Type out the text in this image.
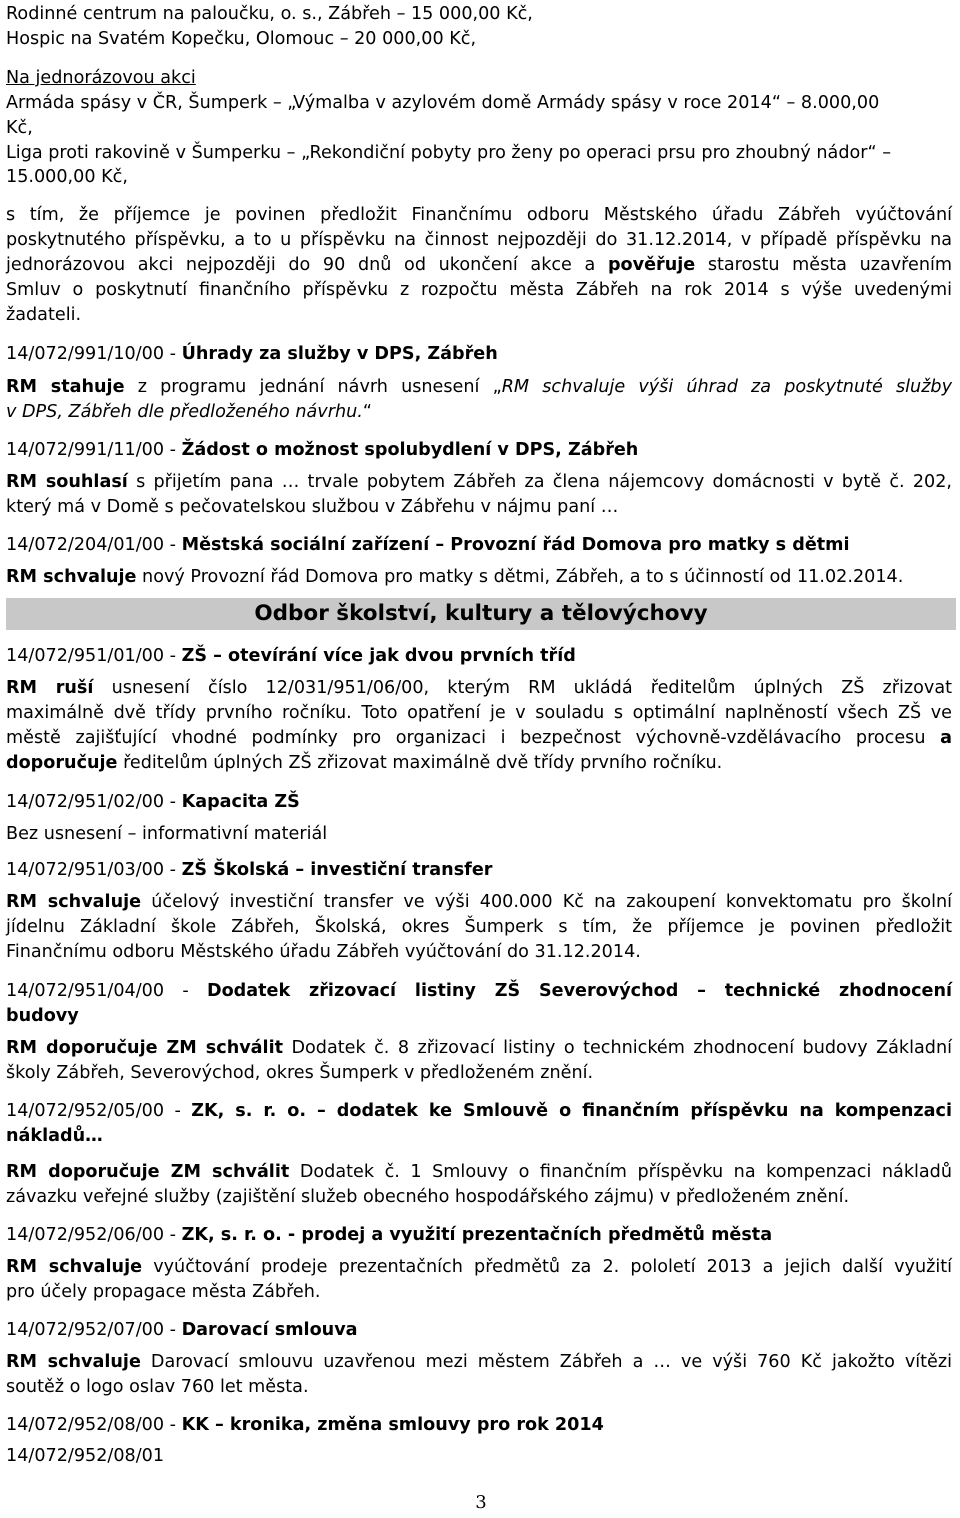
Rodinné centrum na paloučku, o. s., Zábřeh – 15 000,00 Kč,
Hospic na Svatém Kopečku, Olomouc – 20 000,00 Kč,
Na jednorázovou akci
Armáda spásy v ČR, Šumperk – „Výmalba v azylovém domě Armády spásy v roce 2014“ – 8.000,00
Kč,
Liga proti rakovině v Šumperku – „Rekondiční pobyty pro ženy po operaci prsu pro zhoubný nádor“ –
15.000,00 Kč,
s tím, že příjemce je povinen předložit Finančnímu odboru Městského úřadu Zábřeh vyúčtování
poskytnutého příspěvku, a to u příspěvku na činnost nejpozději do 31.12.2014, v případě příspěvku na
jednorázovou akci nejpozději do 90 dnů od ukončení akce a pověřuje starostu města uzavřením
Smluv o poskytnutí finančního příspěvku z rozpočtu města Zábřeh na rok 2014 s výše uvedenými
žadateli.
14/072/991/10/00 - Úhrady za služby v DPS, Zábřeh
RM stahuje z programu jednání návrh usnesení „RM schvaluje výši úhrad za poskytnuté služby
v DPS, Zábřeh dle předloženého návrhu.“
14/072/991/11/00 - Žádost o možnost spolubydlení v DPS, Zábřeh
RM souhlasí s přijetím pana … trvale pobytem Zábřeh za člena nájemcovy domácnosti v bytě č. 202,
který má v Domě s pečovatelskou službou v Zábřehu v nájmu paní …
14/072/204/01/00 - Městská sociální zařízení – Provozní řád Domova pro matky s dětmi
RM schvaluje nový Provozní řád Domova pro matky s dětmi, Zábřeh, a to s účinností od 11.02.2014.
Odbor školství, kultury a tělovýchovy
14/072/951/01/00 - ZŠ – otevírání více jak dvou prvních tříd
RM ruší usnesení číslo 12/031/951/06/00, kterým RM ukládá ředitelům úplných ZŠ zřizovat
maximálně dvě třídy prvního ročníku. Toto opatření je v souladu s optimální naplněností všech ZŠ ve
městě zajišťující vhodné podmínky pro organizaci i bezpečnost výchovně-vzdělávacího procesu a
doporučuje ředitelům úplných ZŠ zřizovat maximálně dvě třídy prvního ročníku.
14/072/951/02/00 - Kapacita ZŠ
Bez usnesení – informativní materiál
14/072/951/03/00 - ZŠ Školská – investiční transfer
RM schvaluje účelový investiční transfer ve výši 400.000 Kč na zakoupení konvektomatu pro školní
jídelnu Základní škole Zábřeh, Školská, okres Šumperk s tím, že příjemce je povinen předložit
Finančnímu odboru Městského úřadu Zábřeh vyúčtování do 31.12.2014.
14/072/951/04/00 - Dodatek zřizovací listiny ZŠ Severovýchod – technické zhodnocení
budovy
RM doporučuje ZM schválit Dodatek č. 8 zřizovací listiny o technickém zhodnocení budovy Základní
školy Zábřeh, Severovýchod, okres Šumperk v předloženém znění.
14/072/952/05/00 - ZK, s. r. o. – dodatek ke Smlouvě o finančním příspěvku na kompenzaci
nákladů…
RM doporučuje ZM schválit Dodatek č. 1 Smlouvy o finančním příspěvku na kompenzaci nákladů
závazku veřejné služby (zajištění služeb obecného hospodářského zájmu) v předloženém znění.
14/072/952/06/00 - ZK, s. r. o. - prodej a využití prezentačních předmětů města
RM schvaluje vyúčtování prodeje prezentačních předmětů za 2. pololetí 2013 a jejich další využití
pro účely propagace města Zábřeh.
14/072/952/07/00 - Darovací smlouva
RM schvaluje Darovací smlouvu uzavřenou mezi městem Zábřeh a … ve výši 760 Kč jakožto vítězi
soutěž o logo oslav 760 let města.
14/072/952/08/00 - KK – kronika, změna smlouvy pro rok 2014
14/072/952/08/01
3
